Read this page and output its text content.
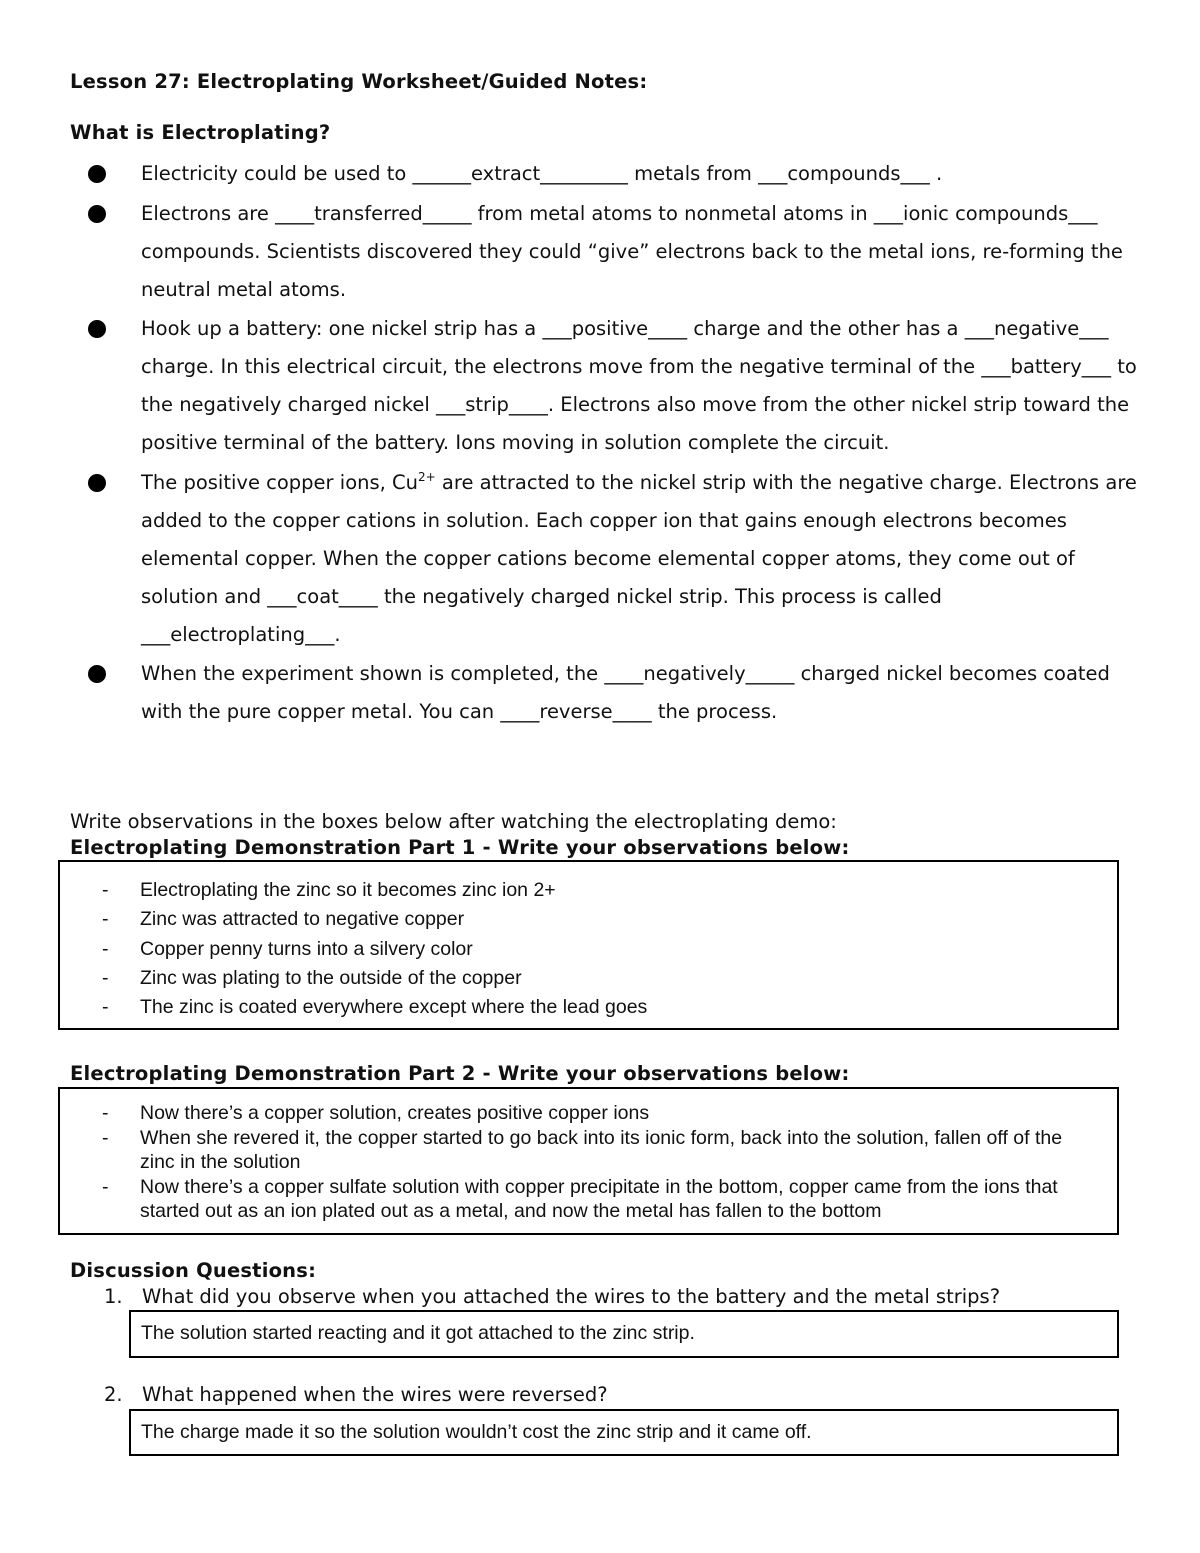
Lesson 27: Electroplating Worksheet/Guided Notes:
What is Electroplating?
Electricity could be used to ______extract_________ metals from ___compounds___ .
Electrons are ____transferred_____ from metal atoms to nonmetal atoms in ___ionic compounds___ compounds. Scientists discovered they could “give” electrons back to the metal ions, re-forming the neutral metal atoms.
Hook up a battery: one nickel strip has a ___positive____ charge and the other has a ___negative___ charge. In this electrical circuit, the electrons move from the negative terminal of the ___battery___ to the negatively charged nickel ___strip____. Electrons also move from the other nickel strip toward the positive terminal of the battery. Ions moving in solution complete the circuit.
The positive copper ions, $Cu^{2+}$ are attracted to the nickel strip with the negative charge. Electrons are added to the copper cations in solution. Each copper ion that gains enough electrons becomes elemental copper. When the copper cations become elemental copper atoms, they come out of solution and ___coat____ the negatively charged nickel strip. This process is called ___electroplating___.
When the experiment shown is completed, the ____negatively_____ charged nickel becomes coated with the pure copper metal. You can ____reverse____ the process.
Write observations in the boxes below after watching the electroplating demo:
Electroplating Demonstration Part 1 - Write your observations below:
- Electroplating the zinc so it becomes zinc ion 2+
- Zinc was attracted to negative copper
- Copper penny turns into a silvery color
- Zinc was plating to the outside of the copper
- The zinc is coated everywhere except where the lead goes
Electroplating Demonstration Part 2 - Write your observations below:
- Now there’s a copper solution, creates positive copper ions
- When she revered it, the copper started to go back into its ionic form, back into the solution, fallen off of the zinc in the solution
- Now there’s a copper sulfate solution with copper precipitate in the bottom, copper came from the ions that started out as an ion plated out as a metal, and now the metal has fallen to the bottom
Discussion Questions:
1. What did you observe when you attached the wires to the battery and the metal strips?
The solution started reacting and it got attached to the zinc strip.
2. What happened when the wires were reversed?
The charge made it so the solution wouldn’t cost the zinc strip and it came off.
